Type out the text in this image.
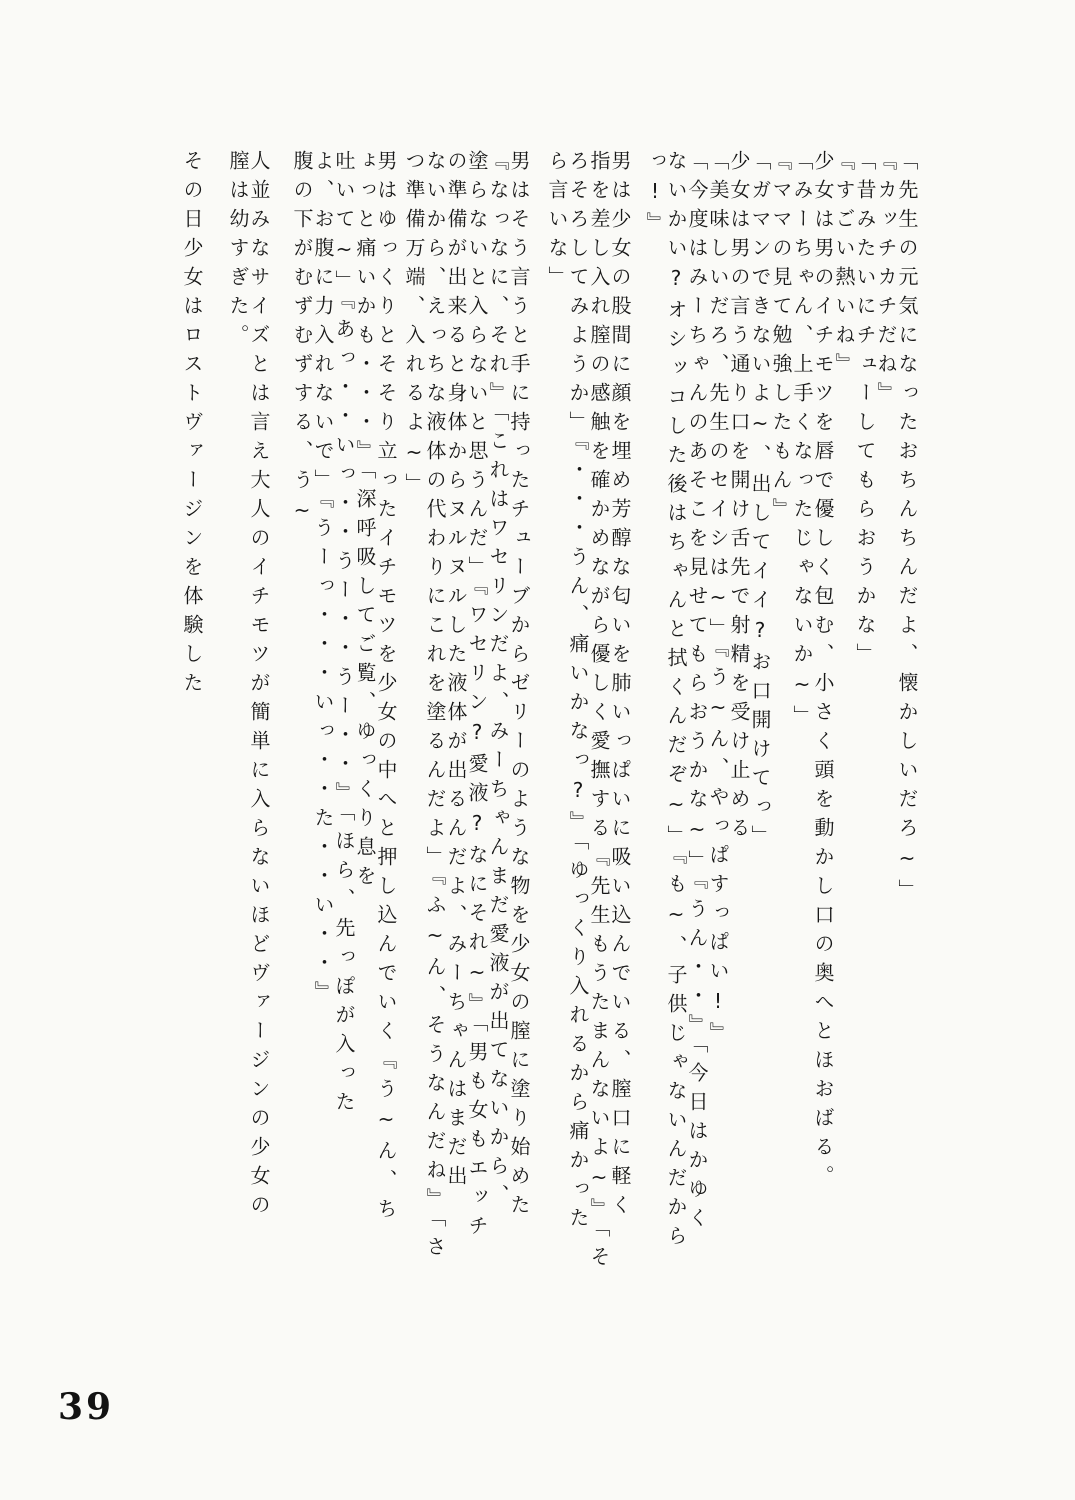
「先生の元気になったおちんちんだよ、懐かしいだろ~」

『カッチカチだね』

「昔みたいにチューしてもらおうかな」

『すごい熱いね』

少女は男のイチモツを唇で優しく包む、小さく頭を動かし口の奥へとほおばる。

「みーちゃん、上手くなったじゃないか~」

『ママの見て勉強したもん』

「ガマンできないよ~、出してイイ?お口開けてっ」

少女は男の言う通り口を開け舌先で射精を受け止める

「美味しいだろ、先生のセイシは~」『う~ん、やっぱすっぱい!』

「今度はみーちゃんのあそこを見せてもらおうかな~」『うん・・』「今日はかゆく

ないかい?オシッコした後はちゃんと拭くんだぞ~」『も~、子供じゃないんだから

っ!』

男は少女の股間に顔を埋め芳醇な匂いを肺いっぱいに吸い込んでいる、膣口に軽く

指を差し入れ膣の感触を確かめながら優しく愛撫する『先生もうたまんないよ~』「そ

ろそろしてみようか」『・・・うん、痛いかなっ?』「ゆっくり入れるから痛かった

ら言いな」

男はそう言うと手に持ったチューブからゼリーのような物を少女の膣に塗り始めた

『なっなに、それ』「これはワセリンだよ、みーちゃんまだ愛液が出てないから、

塗らないと入らないと思うんだ」『ワセリン?愛液?なにそれ~』「男も女もエッチ

の準備が出来ると身体からヌルヌルした液体が出るんだよ、みーちゃんはまだ出

ないから、えっちな液体の代わりにこれを塗るんだよ」『ふ~ん、そうなんだね』「さ

つ準備万端、入れるよ~」

男はゆっくりとそそり立ったイチモツを少女の中へと押し込んでいく『う~ん、ち

ょっと痛いかも・・・』「深呼吸してご覧、ゆっくり息を

吐いて~」『あっ・・いっ・・うー・・うー・・』「ほら、先っぽが入った

よ、お腹に力入れないで」『うーっ・・・いっ・・た・・い・・』

腹の下がむずむずする、う~

人並みなサイズとは言え大人のイチモツが簡単に入らないほどヴァージンの少女の

膣は幼すぎた。

その日少女はロストヴァージンを体験した

39
